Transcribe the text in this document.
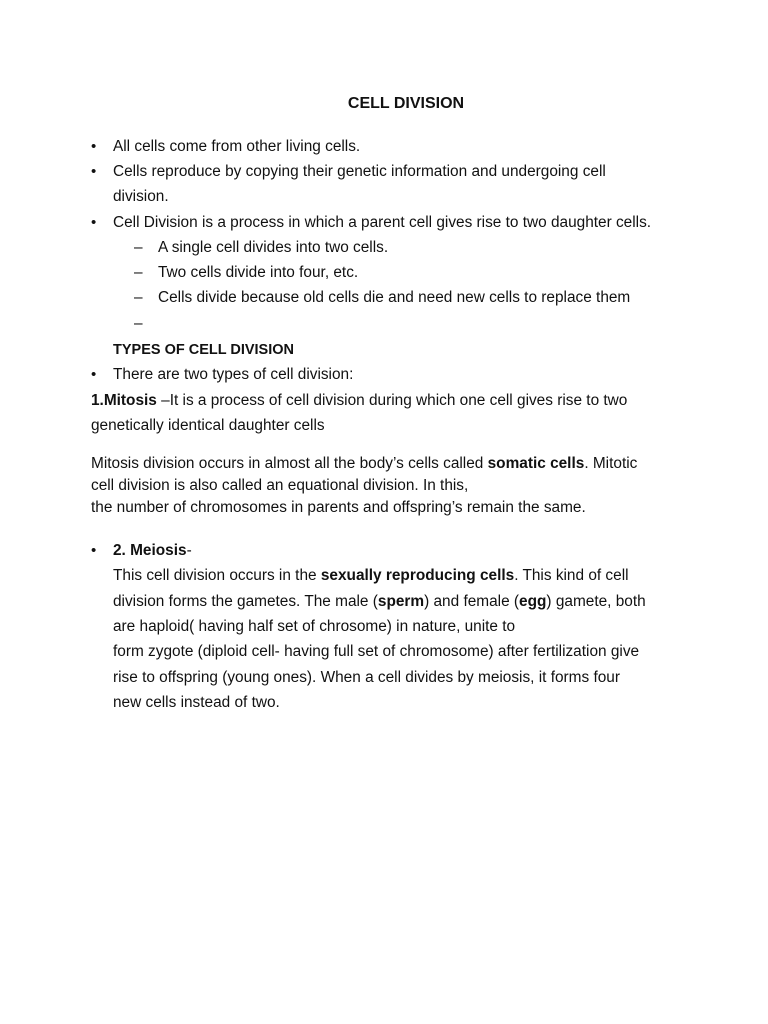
CELL DIVISION
• All cells come from other living cells.
• Cells reproduce by copying their genetic information and undergoing cell
division.
• Cell Division is a process in which a parent cell gives rise to two daughter cells.
– A single cell divides into two cells.
– Two cells divide into four, etc.
– Cells divide because old cells die and need new cells to replace them
–
TYPES OF CELL DIVISION
• There are two types of cell division:
1.Mitosis –It is a process of cell division during which one cell gives rise to two
genetically identical daughter cells
Mitosis division occurs in almost all the body’s cells called somatic cells. Mitotic
cell division is also called an equational division. In this,
the number of chromosomes in parents and offspring’s remain the same.
• 2. Meiosis-
This cell division occurs in the sexually reproducing cells. This kind of cell
division forms the gametes. The male (sperm) and female (egg) gamete, both
are haploid( having half set of chrosome) in nature, unite to
form zygote (diploid cell- having full set of chromosome) after fertilization give
rise to offspring (young ones). When a cell divides by meiosis, it forms four
new cells instead of two.
